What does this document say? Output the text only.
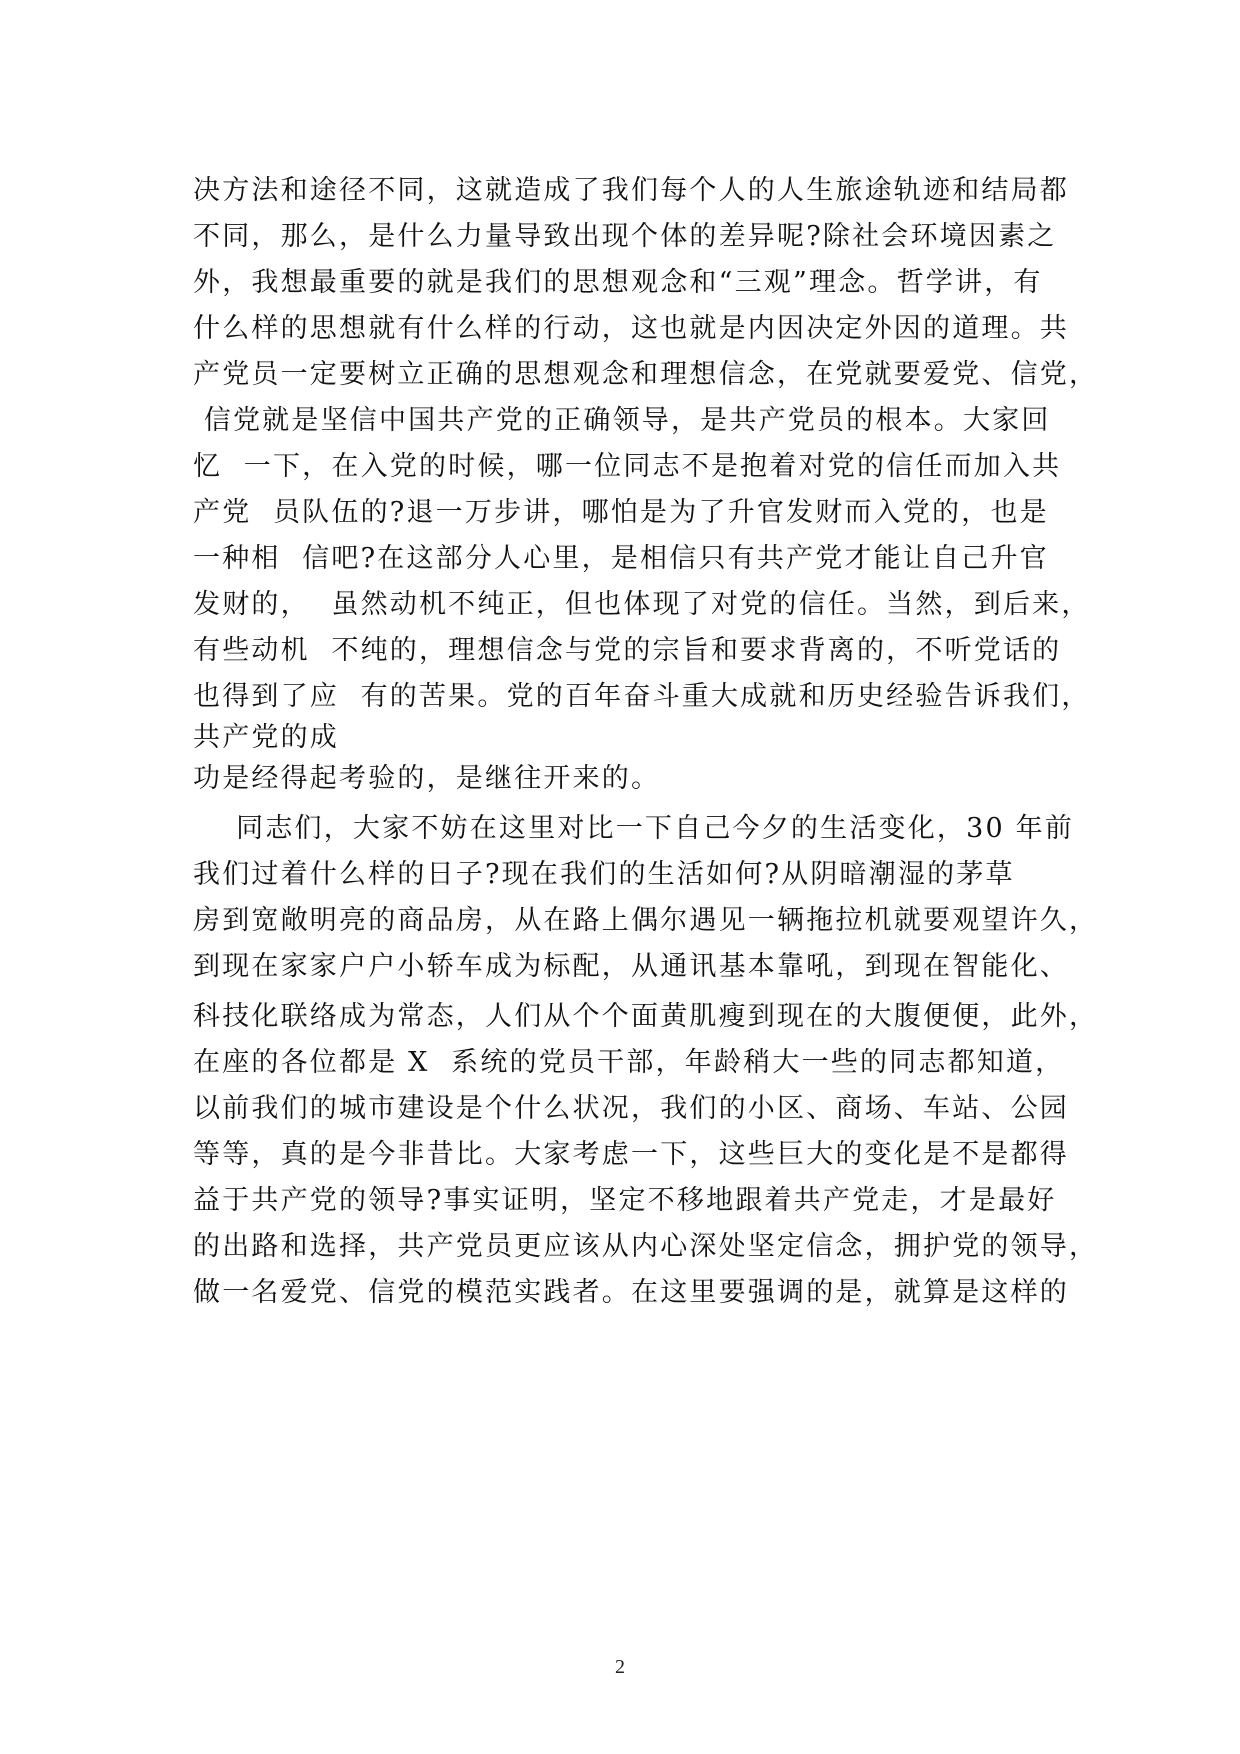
决方法和途径不同，这就造成了我们每个人的人生旅途轨迹和结局都
不同，那么，是什么力量导致出现个体的差异呢?除社会环境因素之
外，我想最重要的就是我们的思想观念和“三观”理念。哲学讲，有
什么样的思想就有什么样的行动，这也就是内因决定外因的道理。共
产党员一定要树立正确的思想观念和理想信念，在党就要爱党、信党，
信党就是坚信中国共产党的正确领导，是共产党员的根本。大家回
忆  一下，在入党的时候，哪一位同志不是抱着对党的信任而加入共
产党  员队伍的?退一万步讲，哪怕是为了升官发财而入党的，也是
一种相  信吧?在这部分人心里，是相信只有共产党才能让自己升官
发财的，  虽然动机不纯正，但也体现了对党的信任。当然，到后来，
有些动机  不纯的，理想信念与党的宗旨和要求背离的，不听党话的
也得到了应  有的苦果。党的百年奋斗重大成就和历史经验告诉我们，
共产党的成
功是经得起考验的，是继往开来的。
同志们，大家不妨在这里对比一下自己今夕的生活变化，30 年前
我们过着什么样的日子?现在我们的生活如何?从阴暗潮湿的茅草
房到宽敞明亮的商品房，从在路上偶尔遇见一辆拖拉机就要观望许久，
到现在家家户户小轿车成为标配，从通讯基本靠吼，到现在智能化、
科技化联络成为常态，人们从个个面黄肌瘦到现在的大腹便便，此外，
在座的各位都是 X  系统的党员干部，年龄稍大一些的同志都知道，
以前我们的城市建设是个什么状况，我们的小区、商场、车站、公园
等等，真的是今非昔比。大家考虑一下，这些巨大的变化是不是都得
益于共产党的领导?事实证明，坚定不移地跟着共产党走，才是最好
的出路和选择，共产党员更应该从内心深处坚定信念，拥护党的领导，
做一名爱党、信党的模范实践者。在这里要强调的是，就算是这样的
2
